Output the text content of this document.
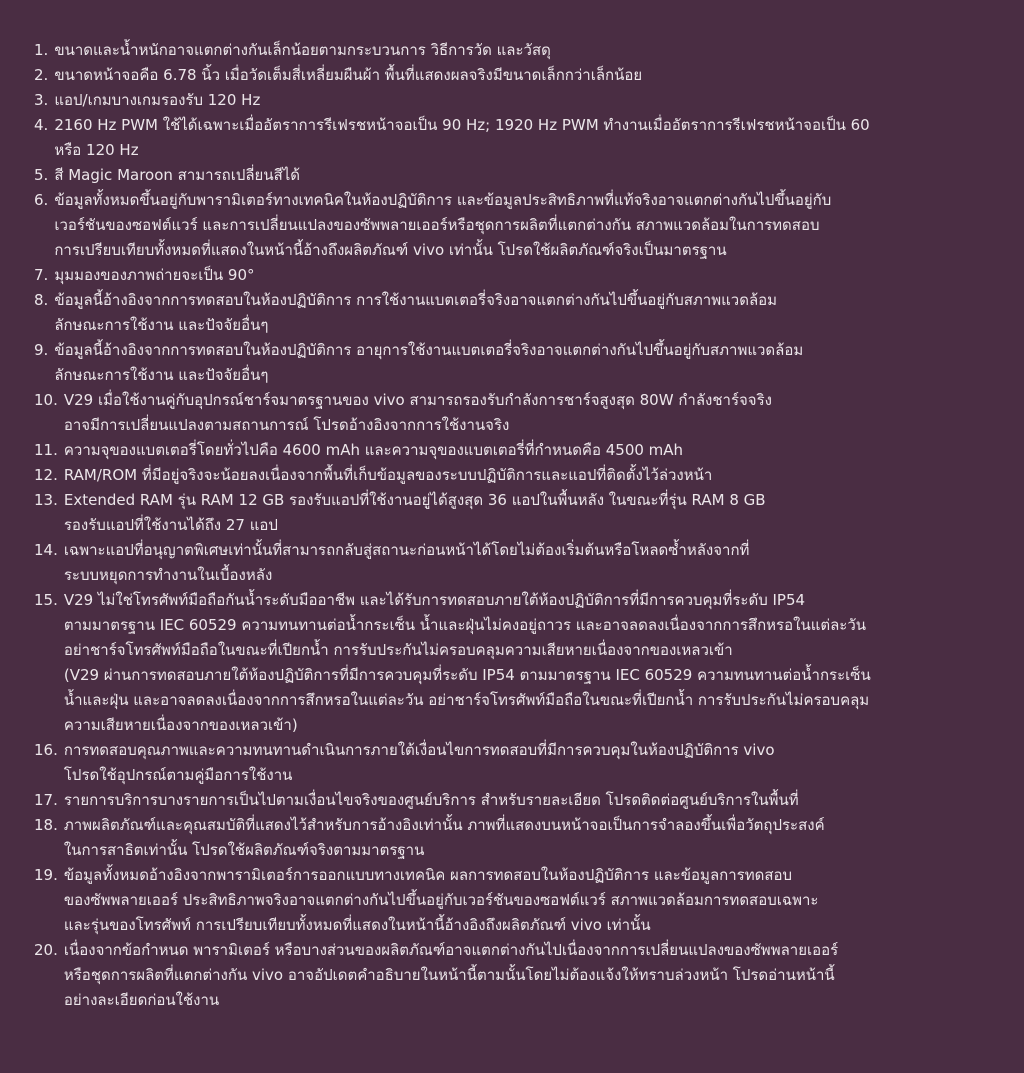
1. ขนาดและน้ำหนักอาจแตกต่างกันเล็กน้อยตามกระบวนการ วิธีการวัด และวัสดุ
2. ขนาดหน้าจอคือ 6.78 นิ้ว เมื่อวัดเต็มสี่เหลี่ยมผืนผ้า พื้นที่แสดงผลจริงมีขนาดเล็กกว่าเล็กน้อย
3. แอป/เกมบางเกมรองรับ 120 Hz
4. 2160 Hz PWM ใช้ได้เฉพาะเมื่ออัตราการรีเฟรชหน้าจอเป็น 90 Hz; 1920 Hz PWM ทำงานเมื่ออัตราการรีเฟรชหน้าจอเป็น 60
หรือ 120 Hz
5. สี Magic Maroon สามารถเปลี่ยนสีได้
6. ข้อมูลทั้งหมดขึ้นอยู่กับพารามิเตอร์ทางเทคนิคในห้องปฏิบัติการ และข้อมูลประสิทธิภาพที่แท้จริงอาจแตกต่างกันไปขึ้นอยู่กับ
เวอร์ชันของซอฟต์แวร์ และการเปลี่ยนแปลงของซัพพลายเออร์หรือชุดการผลิตที่แตกต่างกัน สภาพแวดล้อมในการทดสอบ
การเปรียบเทียบทั้งหมดที่แสดงในหน้านี้อ้างถึงผลิตภัณฑ์ vivo เท่านั้น โปรดใช้ผลิตภัณฑ์จริงเป็นมาตรฐาน
7. มุมมองของภาพถ่ายจะเป็น 90°
8. ข้อมูลนี้อ้างอิงจากการทดสอบในห้องปฏิบัติการ การใช้งานแบตเตอรี่จริงอาจแตกต่างกันไปขึ้นอยู่กับสภาพแวดล้อม
ลักษณะการใช้งาน และปัจจัยอื่นๆ
9. ข้อมูลนี้อ้างอิงจากการทดสอบในห้องปฏิบัติการ อายุการใช้งานแบตเตอรี่จริงอาจแตกต่างกันไปขึ้นอยู่กับสภาพแวดล้อม
ลักษณะการใช้งาน และปัจจัยอื่นๆ
10. V29 เมื่อใช้งานคู่กับอุปกรณ์ชาร์จมาตรฐานของ vivo สามารถรองรับกำลังการชาร์จสูงสุด 80W กำลังชาร์จจริง
อาจมีการเปลี่ยนแปลงตามสถานการณ์ โปรดอ้างอิงจากการใช้งานจริง
11. ความจุของแบตเตอรี่โดยทั่วไปคือ 4600 mAh และความจุของแบตเตอรี่ที่กำหนดคือ 4500 mAh
12. RAM/ROM ที่มีอยู่จริงจะน้อยลงเนื่องจากพื้นที่เก็บข้อมูลของระบบปฏิบัติการและแอปที่ติดตั้งไว้ล่วงหน้า
13. Extended RAM รุ่น RAM 12 GB รองรับแอปที่ใช้งานอยู่ได้สูงสุด 36 แอปในพื้นหลัง ในขณะที่รุ่น RAM 8 GB
รองรับแอปที่ใช้งานได้ถึง 27 แอป
14. เฉพาะแอปที่อนุญาตพิเศษเท่านั้นที่สามารถกลับสู่สถานะก่อนหน้าได้โดยไม่ต้องเริ่มต้นหรือโหลดซ้ำหลังจากที่
ระบบหยุดการทำงานในเบื้องหลัง
15. V29 ไม่ใช่โทรศัพท์มือถือกันน้ำระดับมืออาชีพ และได้รับการทดสอบภายใต้ห้องปฏิบัติการที่มีการควบคุมที่ระดับ IP54
ตามมาตรฐาน IEC 60529 ความทนทานต่อน้ำกระเซ็น น้ำและฝุ่นไม่คงอยู่ถาวร และอาจลดลงเนื่องจากการสึกหรอในแต่ละวัน
อย่าชาร์จโทรศัพท์มือถือในขณะที่เปียกน้ำ การรับประกันไม่ครอบคลุมความเสียหายเนื่องจากของเหลวเข้า
(V29 ผ่านการทดสอบภายใต้ห้องปฏิบัติการที่มีการควบคุมที่ระดับ IP54 ตามมาตรฐาน IEC 60529 ความทนทานต่อน้ำกระเซ็น
น้ำและฝุ่น และอาจลดลงเนื่องจากการสึกหรอในแต่ละวัน อย่าชาร์จโทรศัพท์มือถือในขณะที่เปียกน้ำ การรับประกันไม่ครอบคลุม
ความเสียหายเนื่องจากของเหลวเข้า)
16. การทดสอบคุณภาพและความทนทานดำเนินการภายใต้เงื่อนไขการทดสอบที่มีการควบคุมในห้องปฏิบัติการ vivo
โปรดใช้อุปกรณ์ตามคู่มือการใช้งาน
17. รายการบริการบางรายการเป็นไปตามเงื่อนไขจริงของศูนย์บริการ สำหรับรายละเอียด โปรดติดต่อศูนย์บริการในพื้นที่
18. ภาพผลิตภัณฑ์และคุณสมบัติที่แสดงไว้สำหรับการอ้างอิงเท่านั้น ภาพที่แสดงบนหน้าจอเป็นการจำลองขึ้นเพื่อวัตถุประสงค์
ในการสาธิตเท่านั้น โปรดใช้ผลิตภัณฑ์จริงตามมาตรฐาน
19. ข้อมูลทั้งหมดอ้างอิงจากพารามิเตอร์การออกแบบทางเทคนิค ผลการทดสอบในห้องปฏิบัติการ และข้อมูลการทดสอบ
ของซัพพลายเออร์ ประสิทธิภาพจริงอาจแตกต่างกันไปขึ้นอยู่กับเวอร์ชันของซอฟต์แวร์ สภาพแวดล้อมการทดสอบเฉพาะ
และรุ่นของโทรศัพท์ การเปรียบเทียบทั้งหมดที่แสดงในหน้านี้อ้างอิงถึงผลิตภัณฑ์ vivo เท่านั้น
20. เนื่องจากข้อกำหนด พารามิเตอร์ หรือบางส่วนของผลิตภัณฑ์อาจแตกต่างกันไปเนื่องจากการเปลี่ยนแปลงของซัพพลายเออร์
หรือชุดการผลิตที่แตกต่างกัน vivo อาจอัปเดตคำอธิบายในหน้านี้ตามนั้นโดยไม่ต้องแจ้งให้ทราบล่วงหน้า โปรดอ่านหน้านี้
อย่างละเอียดก่อนใช้งาน
